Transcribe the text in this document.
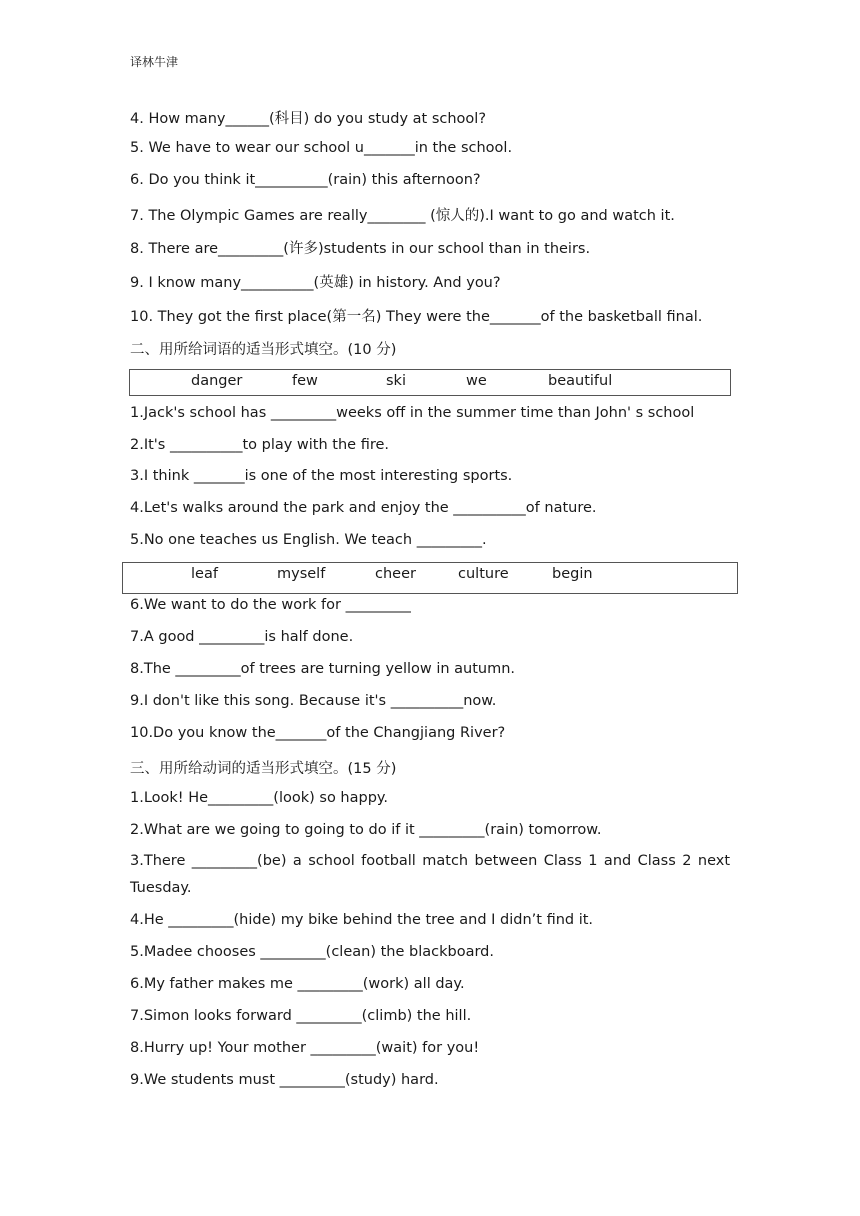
译林牛津
4. How many______(科目) do you study at school?
5. We have to wear our school u_______in the school.
6. Do you think it__________(rain) this afternoon?
7. The Olympic Games are really________ (惊人的).I want to go and watch it.
8. There are_________(许多)students in our school than in theirs.
9. I know many__________(英雄) in history. And you?
10. They got the first place(第一名) They were the_______of the basketball final.
二、用所给词语的适当形式填空。(10 分)
danger	few	ski	we	beautiful
1.Jack's school has _________weeks off in the summer time than John' s school
2.It's __________to play with the fire.
3.I think _______is one of the most interesting sports.
4.Let's walks around the park and enjoy the __________of nature.
5.No one teaches us English. We teach _________.
leaf	myself	cheer	culture	begin
6.We want to do the work for _________
7.A good _________is half done.
8.The _________of trees are turning yellow in autumn.
9.I don't like this song. Because it's __________now.
10.Do you know the_______of the Changjiang River?
三、用所给动词的适当形式填空。(15 分)
1.Look! He_________(look) so happy.
2.What are we going to going to do if it _________(rain) tomorrow.
3.There _________(be) a school football match between Class 1 and Class 2 next Tuesday.
4.He _________(hide) my bike behind the tree and I didn’t find it.
5.Madee chooses _________(clean) the blackboard.
6.My father makes me _________(work) all day.
7.Simon looks forward _________(climb) the hill.
8.Hurry up! Your mother _________(wait) for you!
9.We students must _________(study) hard.
